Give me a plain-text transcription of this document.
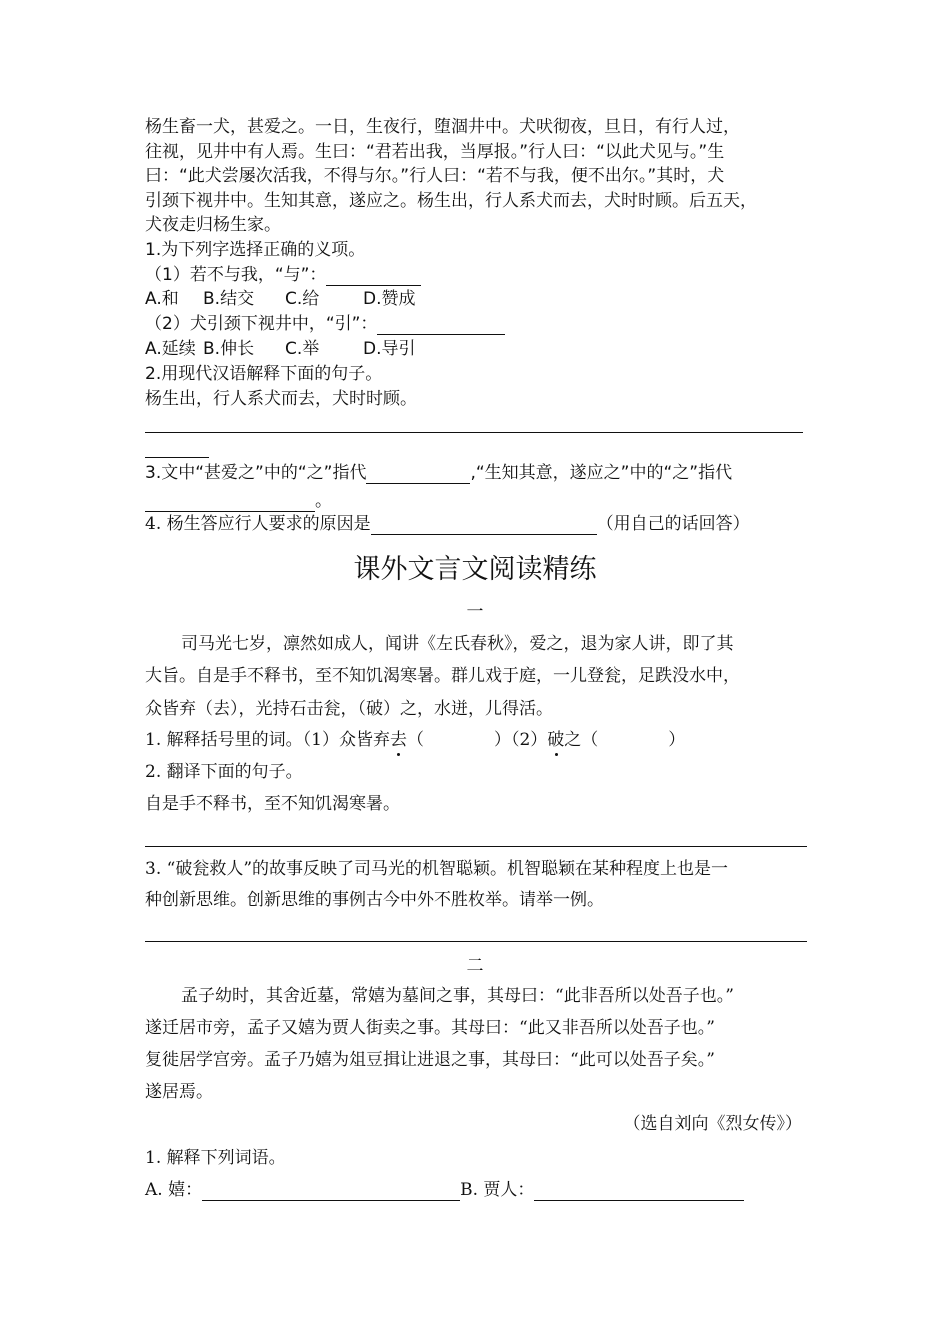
杨生畜一犬，甚爱之。一日，生夜行，堕涸井中。犬吠彻夜，旦日，有行人过，
往视，见井中有人焉。生曰：“君若出我，当厚报。”行人曰：“以此犬见与。”生
曰：“此犬尝屡次活我，不得与尔。”行人曰：“若不与我，便不出尔。”其时，犬
引颈下视井中。生知其意，遂应之。杨生出，行人系犬而去，犬时时顾。后五天，
犬夜走归杨生家。
1.为下列字选择正确的义项。
（1）若不与我，“与”：
A.和 B.结交 C.给	D.赞成
（2）犬引颈下视井中，“引”：
A.延续 B.伸长 C.举	D.导引
2.用现代汉语解释下面的句子。
杨生出，行人系犬而去，犬时时顾。
3.文中“甚爱之”中的“之”指代	,“生知其意，遂应之”中的“之”指代
。
4. 杨生答应行人要求的原因是	（用自己的话回答）
课外文言文阅读精练
一
司马光七岁，凛然如成人，闻讲《左氏春秋》，爱之，退为家人讲，即了其
大旨。自是手不释书，至不知饥渴寒暑。群儿戏于庭，一儿登瓮，足跌没水中，
众皆弃（去），光持石击瓮，（破）之，水迸，儿得活。
1. 解释括号里的词。（1）众皆弃去（	）（2）破之（	）
2. 翻译下面的句子。
自是手不释书，至不知饥渴寒暑。
3. “破瓮救人”的故事反映了司马光的机智聪颖。机智聪颖在某种程度上也是一
种创新思维。创新思维的事例古今中外不胜枚举。请举一例。
二
孟子幼时，其舍近墓，常嬉为墓间之事，其母曰：“此非吾所以处吾子也。”
遂迁居市旁，孟子又嬉为贾人街卖之事。其母曰：“此又非吾所以处吾子也。”
复徙居学宫旁。孟子乃嬉为俎豆揖让进退之事，其母曰：“此可以处吾子矣。”
遂居焉。
（选自刘向《烈女传》）
1. 解释下列词语。
A. 嬉：	B. 贾人：
